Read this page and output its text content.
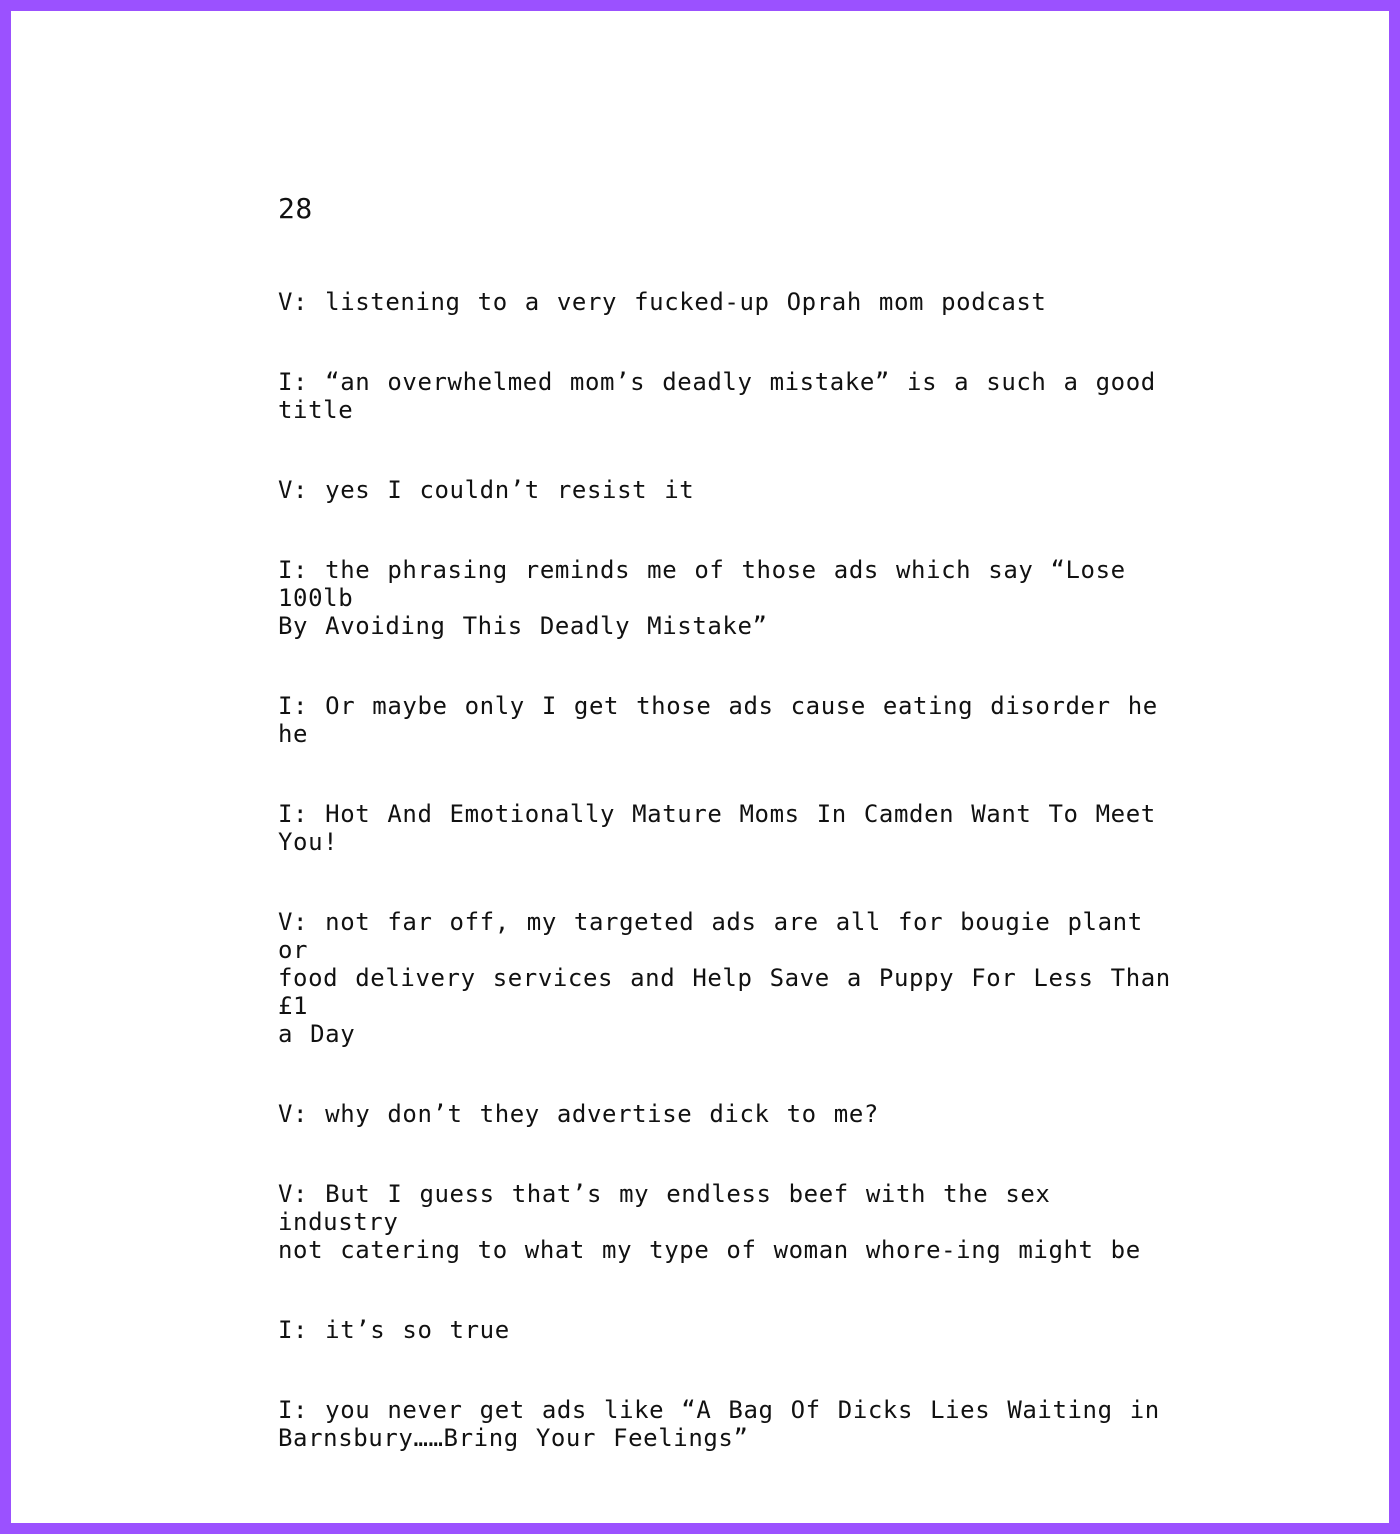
28

V: listening to a very fucked-up Oprah mom podcast

I: “an overwhelmed mom’s deadly mistake” is a such a good
title

V: yes I couldn’t resist it

I: the phrasing reminds me of those ads which say “Lose 100lb
By Avoiding This Deadly Mistake”

I: Or maybe only I get those ads cause eating disorder he he

I: Hot And Emotionally Mature Moms In Camden Want To Meet
You!

V: not far off, my targeted ads are all for bougie plant or
food delivery services and Help Save a Puppy For Less Than £1
a Day

V: why don’t they advertise dick to me?

V: But I guess that’s my endless beef with the sex industry
not catering to what my type of woman whore-ing might be

I: it’s so true

I: you never get ads like “A Bag Of Dicks Lies Waiting in
Barnsbury……Bring Your Feelings”
